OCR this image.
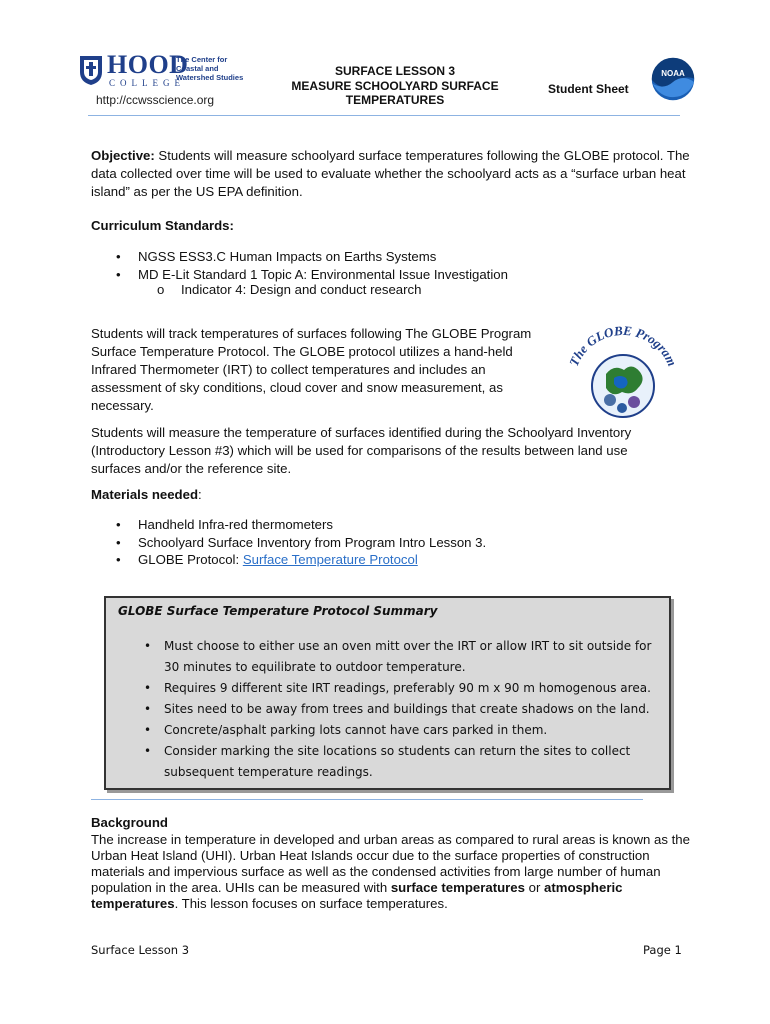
HOOD
COLLEGE
The Center for
Coastal and
Watershed Studies
http://ccwsscience.org
SURFACE LESSON 3
MEASURE SCHOOLYARD SURFACE
TEMPERATURES
Student Sheet
NOAA
Objective: Students will measure schoolyard surface temperatures following the GLOBE protocol. The data collected over time will be used to evaluate whether the schoolyard acts as a “surface urban heat island” as per the US EPA definition.
Curriculum Standards:
• NGSS ESS3.C Human Impacts on Earths Systems
• MD E-Lit Standard 1 Topic A: Environmental Issue Investigation
o Indicator 4: Design and conduct research
Students will track temperatures of surfaces following The GLOBE Program Surface Temperature Protocol. The GLOBE protocol utilizes a hand-held Infrared Thermometer (IRT) to collect temperatures and includes an assessment of sky conditions, cloud cover and snow measurement, as necessary.
The GLOBE Program
Students will measure the temperature of surfaces identified during the Schoolyard Inventory (Introductory Lesson #3) which will be used for comparisons of the results between land use surfaces and/or the reference site.
Materials needed:
• Handheld Infra-red thermometers
• Schoolyard Surface Inventory from Program Intro Lesson 3.
• GLOBE Protocol: Surface Temperature Protocol
GLOBE Surface Temperature Protocol Summary
• Must choose to either use an oven mitt over the IRT or allow IRT to sit outside for 30 minutes to equilibrate to outdoor temperature.
• Requires 9 different site IRT readings, preferably 90 m x 90 m homogenous area.
• Sites need to be away from trees and buildings that create shadows on the land.
• Concrete/asphalt parking lots cannot have cars parked in them.
• Consider marking the site locations so students can return the sites to collect subsequent temperature readings.
Background
The increase in temperature in developed and urban areas as compared to rural areas is known as the Urban Heat Island (UHI). Urban Heat Islands occur due to the surface properties of construction materials and impervious surface as well as the condensed activities from large number of human population in the area. UHIs can be measured with surface temperatures or atmospheric temperatures. This lesson focuses on surface temperatures.
Surface Lesson 3	Page 1
